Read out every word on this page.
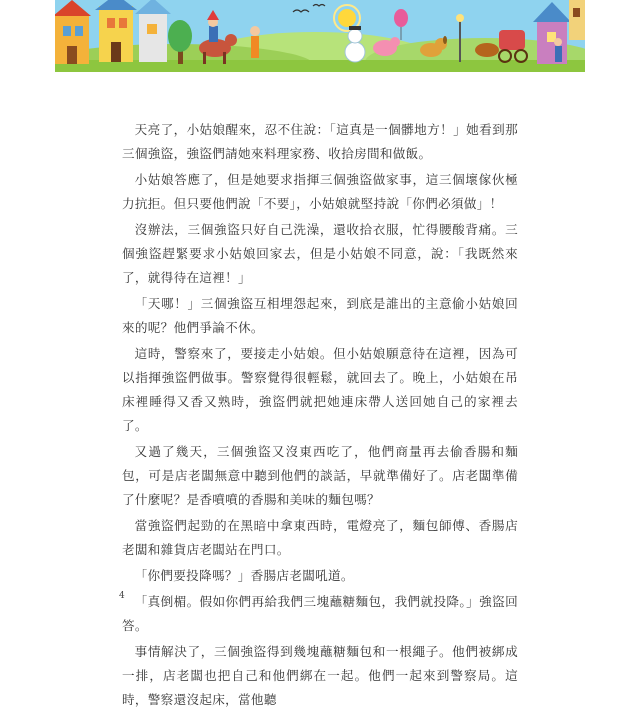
天亮了，小姑娘醒來，忍不住說：「這真是一個髒地方！」她看到那三個強盜，強盜們請她來料理家務、收拾房間和做飯。

小姑娘答應了，但是她要求指揮三個強盜做家事，這三個壞傢伙極力抗拒。但只要他們說「不要」，小姑娘就堅持說「你們必須做」！

沒辦法，三個強盜只好自己洗澡，還收拾衣服，忙得腰酸背痛。三個強盜趕緊要求小姑娘回家去，但是小姑娘不同意，說：「我既然來了，就得待在這裡！」

「天哪！」三個強盜互相埋怨起來，到底是誰出的主意偷小姑娘回來的呢？他們爭論不休。

這時，警察來了，要接走小姑娘。但小姑娘願意待在這裡，因為可以指揮強盜們做事。警察覺得很輕鬆，就回去了。晚上，小姑娘在吊床裡睡得又香又熟時，強盜們就把她連床帶人送回她自己的家裡去了。

又過了幾天，三個強盜又沒東西吃了，他們商量再去偷香腸和麵包，可是店老闆無意中聽到他們的談話，早就準備好了。店老闆準備了什麼呢？是香噴噴的香腸和美味的麵包嗎？

當強盜們起勁的在黑暗中拿東西時，電燈亮了，麵包師傅、香腸店老闆和雜貨店老闆站在門口。

「你們要投降嗎？」香腸店老闆吼道。

「真倒楣。假如你們再給我們三塊蘸糖麵包，我們就投降。」強盜回答。

事情解決了，三個強盜得到幾塊蘸糖麵包和一根繩子。他們被綁成一排，店老闆也把自己和他們綁在一起。他們一起來到警察局。這時，警察還沒起床，當他聽

4
